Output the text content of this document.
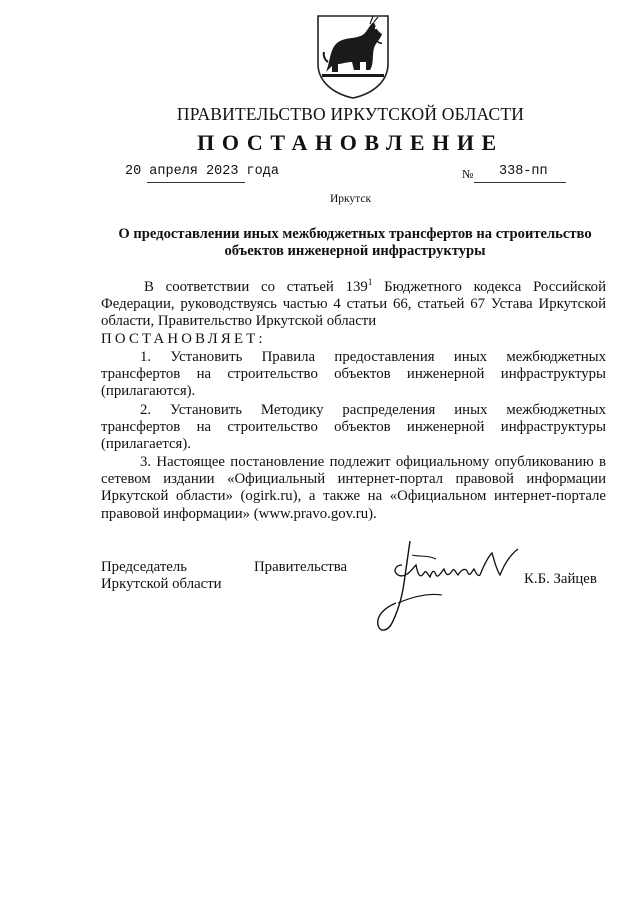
ПРАВИТЕЛЬСТВО ИРКУТСКОЙ ОБЛАСТИ
ПОСТАНОВЛЕНИЕ
20 апреля 2023 года	№ 338-пп
Иркутск
О предоставлении иных межбюджетных трансфертов на строительство объектов инженерной инфраструктуры
В соответствии со статьей $139^1$ Бюджетного кодекса Российской Федерации, руководствуясь частью 4 статьи 66, статьей 67 Устава Иркутской области, Правительство Иркутской области
ПОСТАНОВЛЯЕТ:
1. Установить Правила предоставления иных межбюджетных трансфертов на строительство объектов инженерной инфраструктуры (прилагаются).
2. Установить Методику распределения иных межбюджетных трансфертов на строительство объектов инженерной инфраструктуры (прилагается).
3. Настоящее постановление подлежит официальному опубликованию в сетевом издании «Официальный интернет-портал правовой информации Иркутской области» (ogirk.ru), а также на «Официальном интернет-портале правовой информации» (www.pravo.gov.ru).
Председатель
Иркутской области
Правительства
К.Б. Зайцев
